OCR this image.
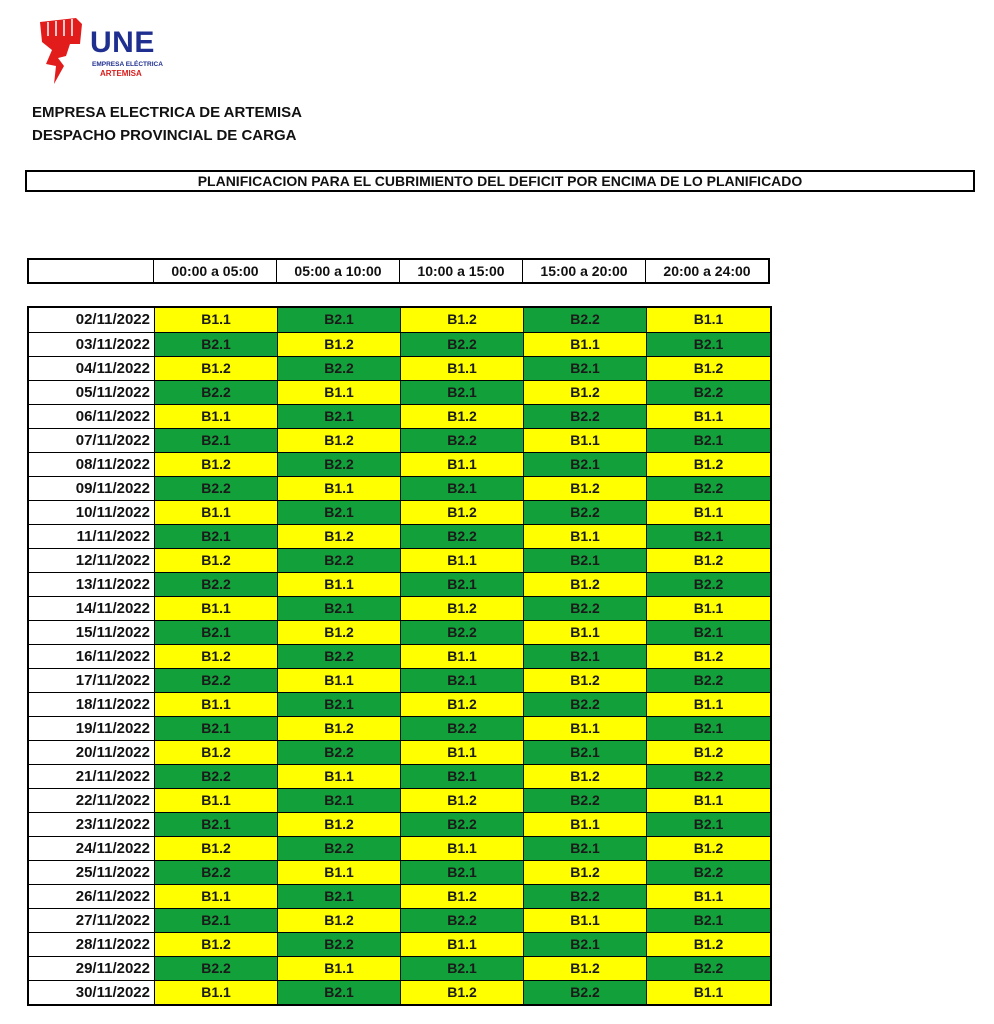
UNE
EMPRESA ELÉCTRICA
ARTEMISA
EMPRESA ELECTRICA DE ARTEMISA
DESPACHO PROVINCIAL DE CARGA
PLANIFICACION PARA EL CUBRIMIENTO DEL DEFICIT POR ENCIMA DE LO PLANIFICADO
00:00 a 05:00	05:00 a 10:00	10:00 a 15:00	15:00 a 20:00	20:00 a 24:00
02/11/2022	B1.1	B2.1	B1.2	B2.2	B1.1
03/11/2022	B2.1	B1.2	B2.2	B1.1	B2.1
04/11/2022	B1.2	B2.2	B1.1	B2.1	B1.2
05/11/2022	B2.2	B1.1	B2.1	B1.2	B2.2
06/11/2022	B1.1	B2.1	B1.2	B2.2	B1.1
07/11/2022	B2.1	B1.2	B2.2	B1.1	B2.1
08/11/2022	B1.2	B2.2	B1.1	B2.1	B1.2
09/11/2022	B2.2	B1.1	B2.1	B1.2	B2.2
10/11/2022	B1.1	B2.1	B1.2	B2.2	B1.1
11/11/2022	B2.1	B1.2	B2.2	B1.1	B2.1
12/11/2022	B1.2	B2.2	B1.1	B2.1	B1.2
13/11/2022	B2.2	B1.1	B2.1	B1.2	B2.2
14/11/2022	B1.1	B2.1	B1.2	B2.2	B1.1
15/11/2022	B2.1	B1.2	B2.2	B1.1	B2.1
16/11/2022	B1.2	B2.2	B1.1	B2.1	B1.2
17/11/2022	B2.2	B1.1	B2.1	B1.2	B2.2
18/11/2022	B1.1	B2.1	B1.2	B2.2	B1.1
19/11/2022	B2.1	B1.2	B2.2	B1.1	B2.1
20/11/2022	B1.2	B2.2	B1.1	B2.1	B1.2
21/11/2022	B2.2	B1.1	B2.1	B1.2	B2.2
22/11/2022	B1.1	B2.1	B1.2	B2.2	B1.1
23/11/2022	B2.1	B1.2	B2.2	B1.1	B2.1
24/11/2022	B1.2	B2.2	B1.1	B2.1	B1.2
25/11/2022	B2.2	B1.1	B2.1	B1.2	B2.2
26/11/2022	B1.1	B2.1	B1.2	B2.2	B1.1
27/11/2022	B2.1	B1.2	B2.2	B1.1	B2.1
28/11/2022	B1.2	B2.2	B1.1	B2.1	B1.2
29/11/2022	B2.2	B1.1	B2.1	B1.2	B2.2
30/11/2022	B1.1	B2.1	B1.2	B2.2	B1.1
